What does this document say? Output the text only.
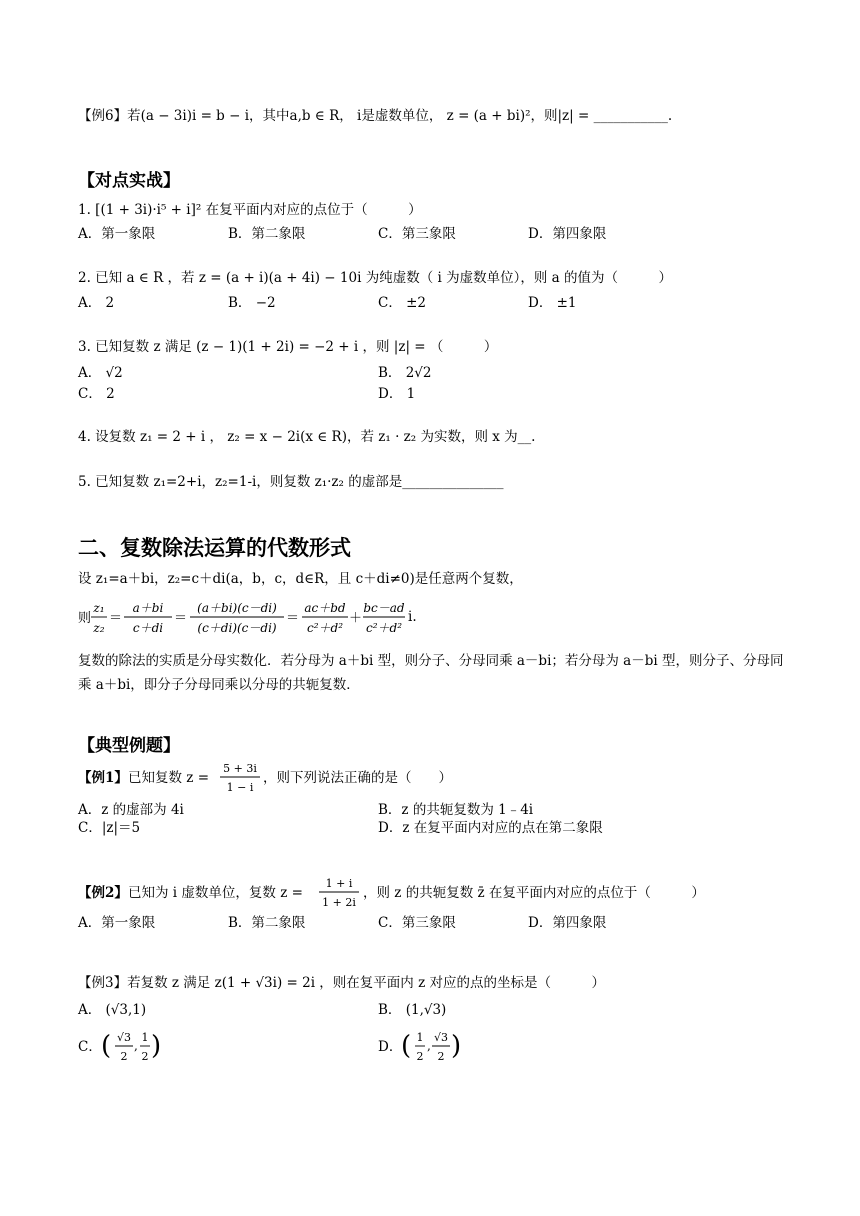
【例6】若(a − 3i)i = b − i，其中a,b ∈ R， i是虚数单位， z = (a + bi)²，则|z| = ___________.
【对点实战】
1. [(1 + 3i)·i⁵ + i]² 在复平面内对应的点位于（　　　）
A．第一象限	B．第二象限	C．第三象限	D．第四象限
2. 已知 a ∈ R ，若 z = (a + i)(a + 4i) − 10i 为纯虚数（ i 为虚数单位），则 a 的值为（　　　）
A． 2	B． −2	C． ±2	D． ±1
3. 已知复数 z 满足 (z − 1)(1 + 2i) = −2 + i ，则 |z| = （　　　）
A． √2	B． 2√2
C． 2	D． 1
4. 设复数 z₁ = 2 + i ， z₂ = x − 2i(x ∈ R)，若 z₁ · z₂ 为实数，则 x 为__.
5. 已知复数 z₁=2+i，z₂=1-i，则复数 z₁·z₂ 的虚部是_______________
二、复数除法运算的代数形式
设 z₁=a＋bi，z₂=c＋di(a，b，c，d∈R，且 c＋di≠0)是任意两个复数，
则
z₁
z₂
＝
a＋bi
c＋di
＝
(a＋bi)(c－di)
(c＋di)(c－di)
＝
ac＋bd
c²＋d²
＋
bc－ad
c²＋d²
i.
复数的除法的实质是分母实数化．若分母为 a＋bi 型，则分子、分母同乘 a－bi；若分母为 a－bi 型，则分子、分母同乘 a＋bi，即分子分母同乘以分母的共轭复数．
【典型例题】
【例1】 已知复数 z =
5 + 3i
1 − i
，则下列说法正确的是（　　）
A．z 的虚部为 4i	B．z 的共轭复数为 1﹣4i
C．|z|＝5	D．z 在复平面内对应的点在第二象限
【例2】 已知为 i 虚数单位，复数 z =
1 + i
1 + 2i
，则 z 的共轭复数 z̄ 在复平面内对应的点位于（　　　）
A．第一象限	B．第二象限	C．第三象限	D．第四象限
【例3】若复数 z 满足 z(1 + √3i) = 2i ，则在复平面内 z 对应的点的坐标是（　　　）
A． (√3,1)	B． (1,√3)
C． ( √3
2
,
1
2 )	D．
( 1
2
,
√3
2 )
